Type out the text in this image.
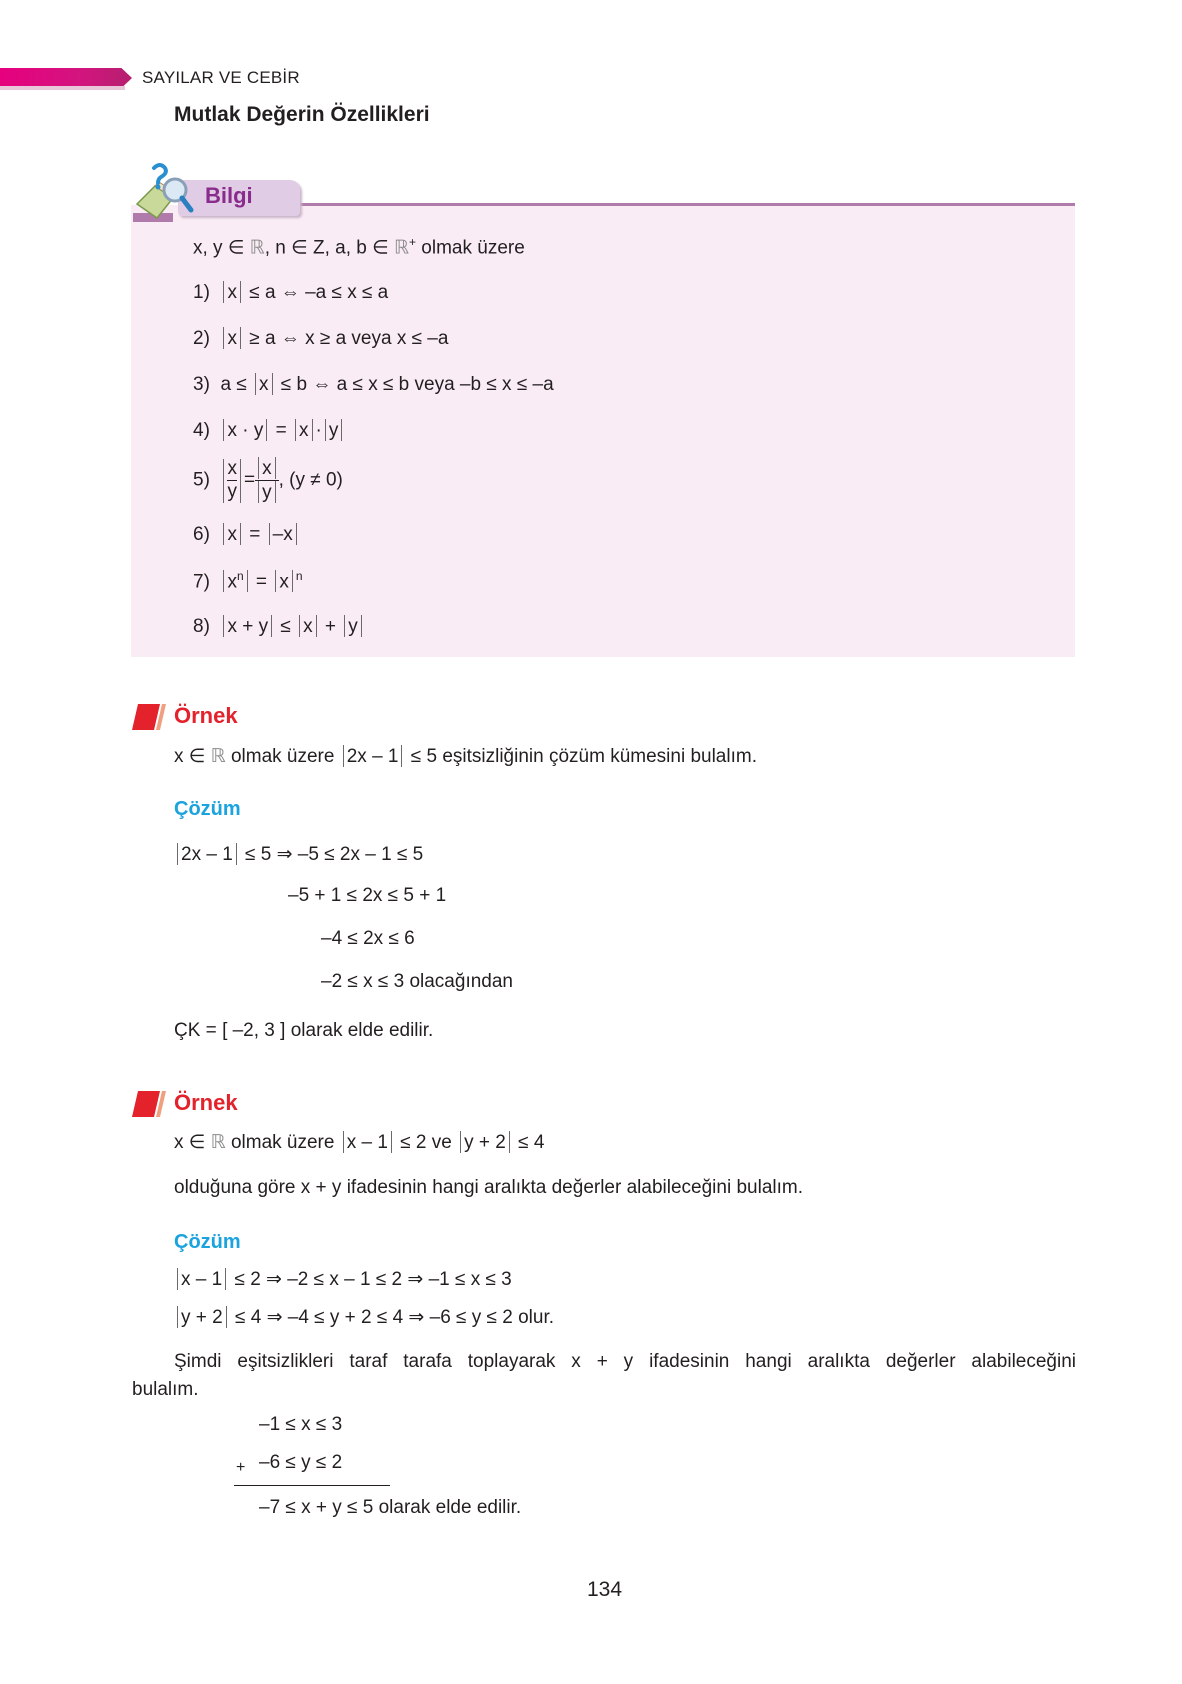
SAYILAR VE CEBİR
Mutlak Değerin Özellikleri
Bilgi
x, y ∈ ℝ, n ∈ Z, a, b ∈ ℝ+ olmak üzere
1) x ≤ a ⇔ –a ≤ x ≤ a
2) x ≥ a ⇔ x ≥ a veya x ≤ –a
3) a ≤ x ≤ b ⇔ a ≤ x ≤ b veya –b ≤ x ≤ –a
4) x · y = x · y
$5) \frac{x}{y} = \frac{x}{y}$ , (y ≠ 0)
6) x = –x
7) $x^n = x$ $^n$
8) x + y ≤ x + y
Örnek
x ∈ ℝ olmak üzere 2x – 1 ≤ 5 eşitsizliğinin çözüm kümesini bulalım.
Çözüm
2x – 1 ≤ 5 ⇒ –5 ≤ 2x – 1 ≤ 5
–5 + 1 ≤ 2x ≤ 5 + 1
–4 ≤ 2x ≤ 6
–2 ≤ x ≤ 3 olacağından
ÇK = [ –2, 3 ] olarak elde edilir.
Örnek
x ∈ ℝ olmak üzere x – 1 ≤ 2 ve y + 2 ≤ 4
olduğuna göre x + y ifadesinin hangi aralıkta değerler alabileceğini bulalım.
Çözüm
x – 1 ≤ 2 ⇒ –2 ≤ x – 1 ≤ 2 ⇒ –1 ≤ x ≤ 3
y + 2 ≤ 4 ⇒ –4 ≤ y + 2 ≤ 4 ⇒ –6 ≤ y ≤ 2 olur.
Şimdi eşitsizlikleri taraf tarafa toplayarak x + y ifadesinin hangi aralıkta değerler alabileceğini
bulalım.
–1 ≤ x ≤ 3
+ –6 ≤ y ≤ 2
–7 ≤ x + y ≤ 5 olarak elde edilir.
134
